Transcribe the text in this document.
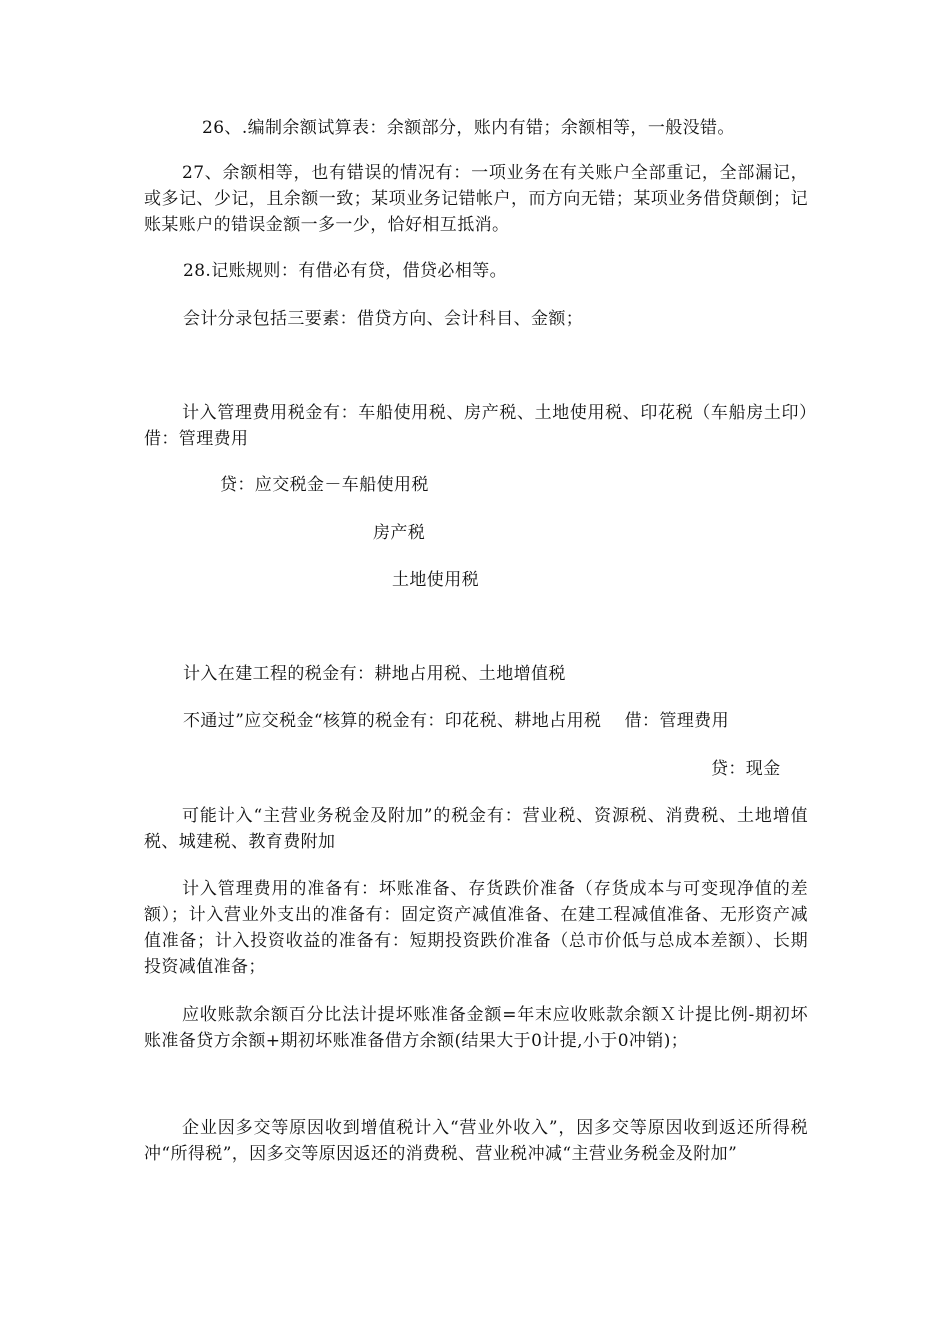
26、.编制余额试算表：余额部分，账内有错；余额相等，一般没错。
27、余额相等，也有错误的情况有：一项业务在有关账户全部重记，全部漏记，或多记、少记，且余额一致；某项业务记错帐户，而方向无错；某项业务借贷颠倒；记账某账户的错误金额一多一少，恰好相互抵消。
28.记账规则：有借必有贷，借贷必相等。
会计分录包括三要素：借贷方向、会计科目、金额；
计入管理费用税金有：车船使用税、房产税、土地使用税、印花税（车船房土印）借：管理费用
贷：应交税金－车船使用税
房产税
土地使用税
计入在建工程的税金有：耕地占用税、土地增值税
不通过”应交税金“核算的税金有：印花税、耕地占用税　 借：管理费用
贷：现金
可能计入“主营业务税金及附加”的税金有：营业税、资源税、消费税、土地增值税、城建税、教育费附加
计入管理费用的准备有：坏账准备、存货跌价准备（存货成本与可变现净值的差额）；计入营业外支出的准备有：固定资产减值准备、在建工程减值准备、无形资产减值准备；计入投资收益的准备有：短期投资跌价准备（总市价低与总成本差额）、长期投资减值准备；
应收账款余额百分比法计提坏账准备金额=年末应收账款余额Ｘ计提比例-期初坏账准备贷方余额+期初坏账准备借方余额(结果大于0计提,小于0冲销)；
企业因多交等原因收到增值税计入“营业外收入”，因多交等原因收到返还所得税冲“所得税”，因多交等原因返还的消费税、营业税冲减“主营业务税金及附加”
